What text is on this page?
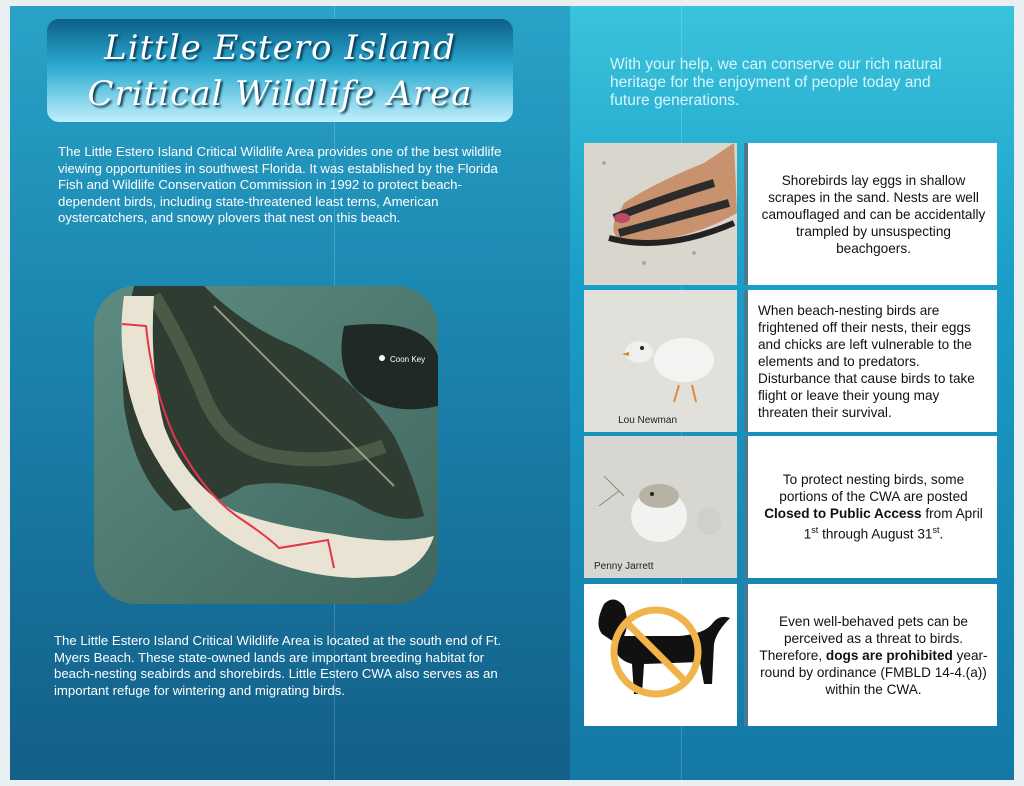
Little Estero Island
Critical Wildlife Area
The Little Estero Island Critical Wildlife Area provides one of the best wildlife viewing opportunities in southwest Florida. It was established by the Florida Fish and Wildlife Conservation Commission in 1992 to protect beach-dependent birds, including state-threatened least terns, American oystercatchers, and snowy plovers that nest on this beach.
Coon Key
The Little Estero Island Critical Wildlife Area is located at the south end of Ft. Myers Beach. These state-owned lands are important breeding habitat for beach-nesting seabirds and shorebirds. Little Estero CWA also serves as an important refuge for wintering and migrating birds.
With your help, we can conserve our rich natural heritage for the enjoyment of people today and future generations.
Shorebirds lay eggs in shallow scrapes in the sand. Nests are well camouflaged and can be accidentally trampled by unsuspecting beachgoers.
Lou Newman
When beach-nesting birds are frightened off their nests, their eggs and chicks are left vulnerable to the elements and to predators.
Disturbance that cause birds to take flight or leave their young may threaten their survival.
Penny Jarrett
To protect nesting birds, some portions of the CWA are posted Closed to Public Access from April 1st through August 31st.
Even well-behaved pets can be perceived as a threat to birds. Therefore, dogs are prohibited year-round by ordinance (FMBLD 14-4.(a)) within the CWA.
